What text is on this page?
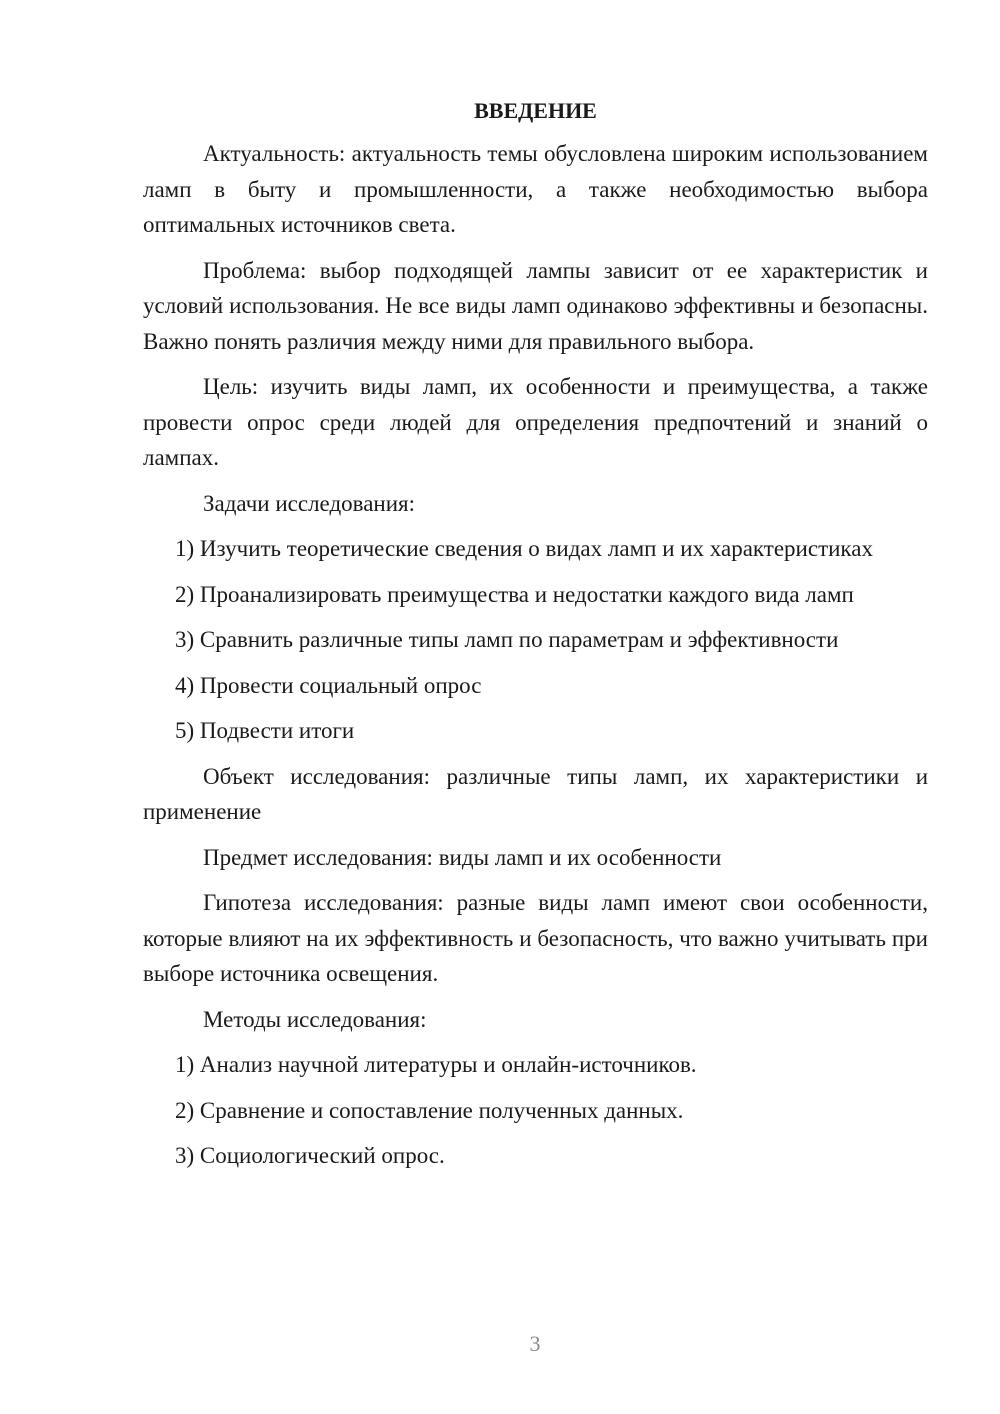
ВВЕДЕНИЕ

Актуальность: актуальность темы обусловлена широким использованием ламп в быту и промышленности, а также необходимостью выбора оптимальных источников света.

Проблема: выбор подходящей лампы зависит от ее характеристик и условий использования. Не все виды ламп одинаково эффективны и безопасны. Важно понять различия между ними для правильного выбора.

Цель: изучить виды ламп, их особенности и преимущества, а также провести опрос среди людей для определения предпочтений и знаний о лампах.

Задачи исследования:

1) Изучить теоретические сведения о видах ламп и их характеристиках

2) Проанализировать преимущества и недостатки каждого вида ламп

3) Сравнить различные типы ламп по параметрам и эффективности

4) Провести социальный опрос

5) Подвести итоги

Объект исследования: различные типы ламп, их характеристики и применение

Предмет исследования: виды ламп и их особенности

Гипотеза исследования: разные виды ламп имеют свои особенности, которые влияют на их эффективность и безопасность, что важно учитывать при выборе источника освещения.

Методы исследования:

1) Анализ научной литературы и онлайн-источников.

2) Сравнение и сопоставление полученных данных.

3) Социологический опрос.

3
